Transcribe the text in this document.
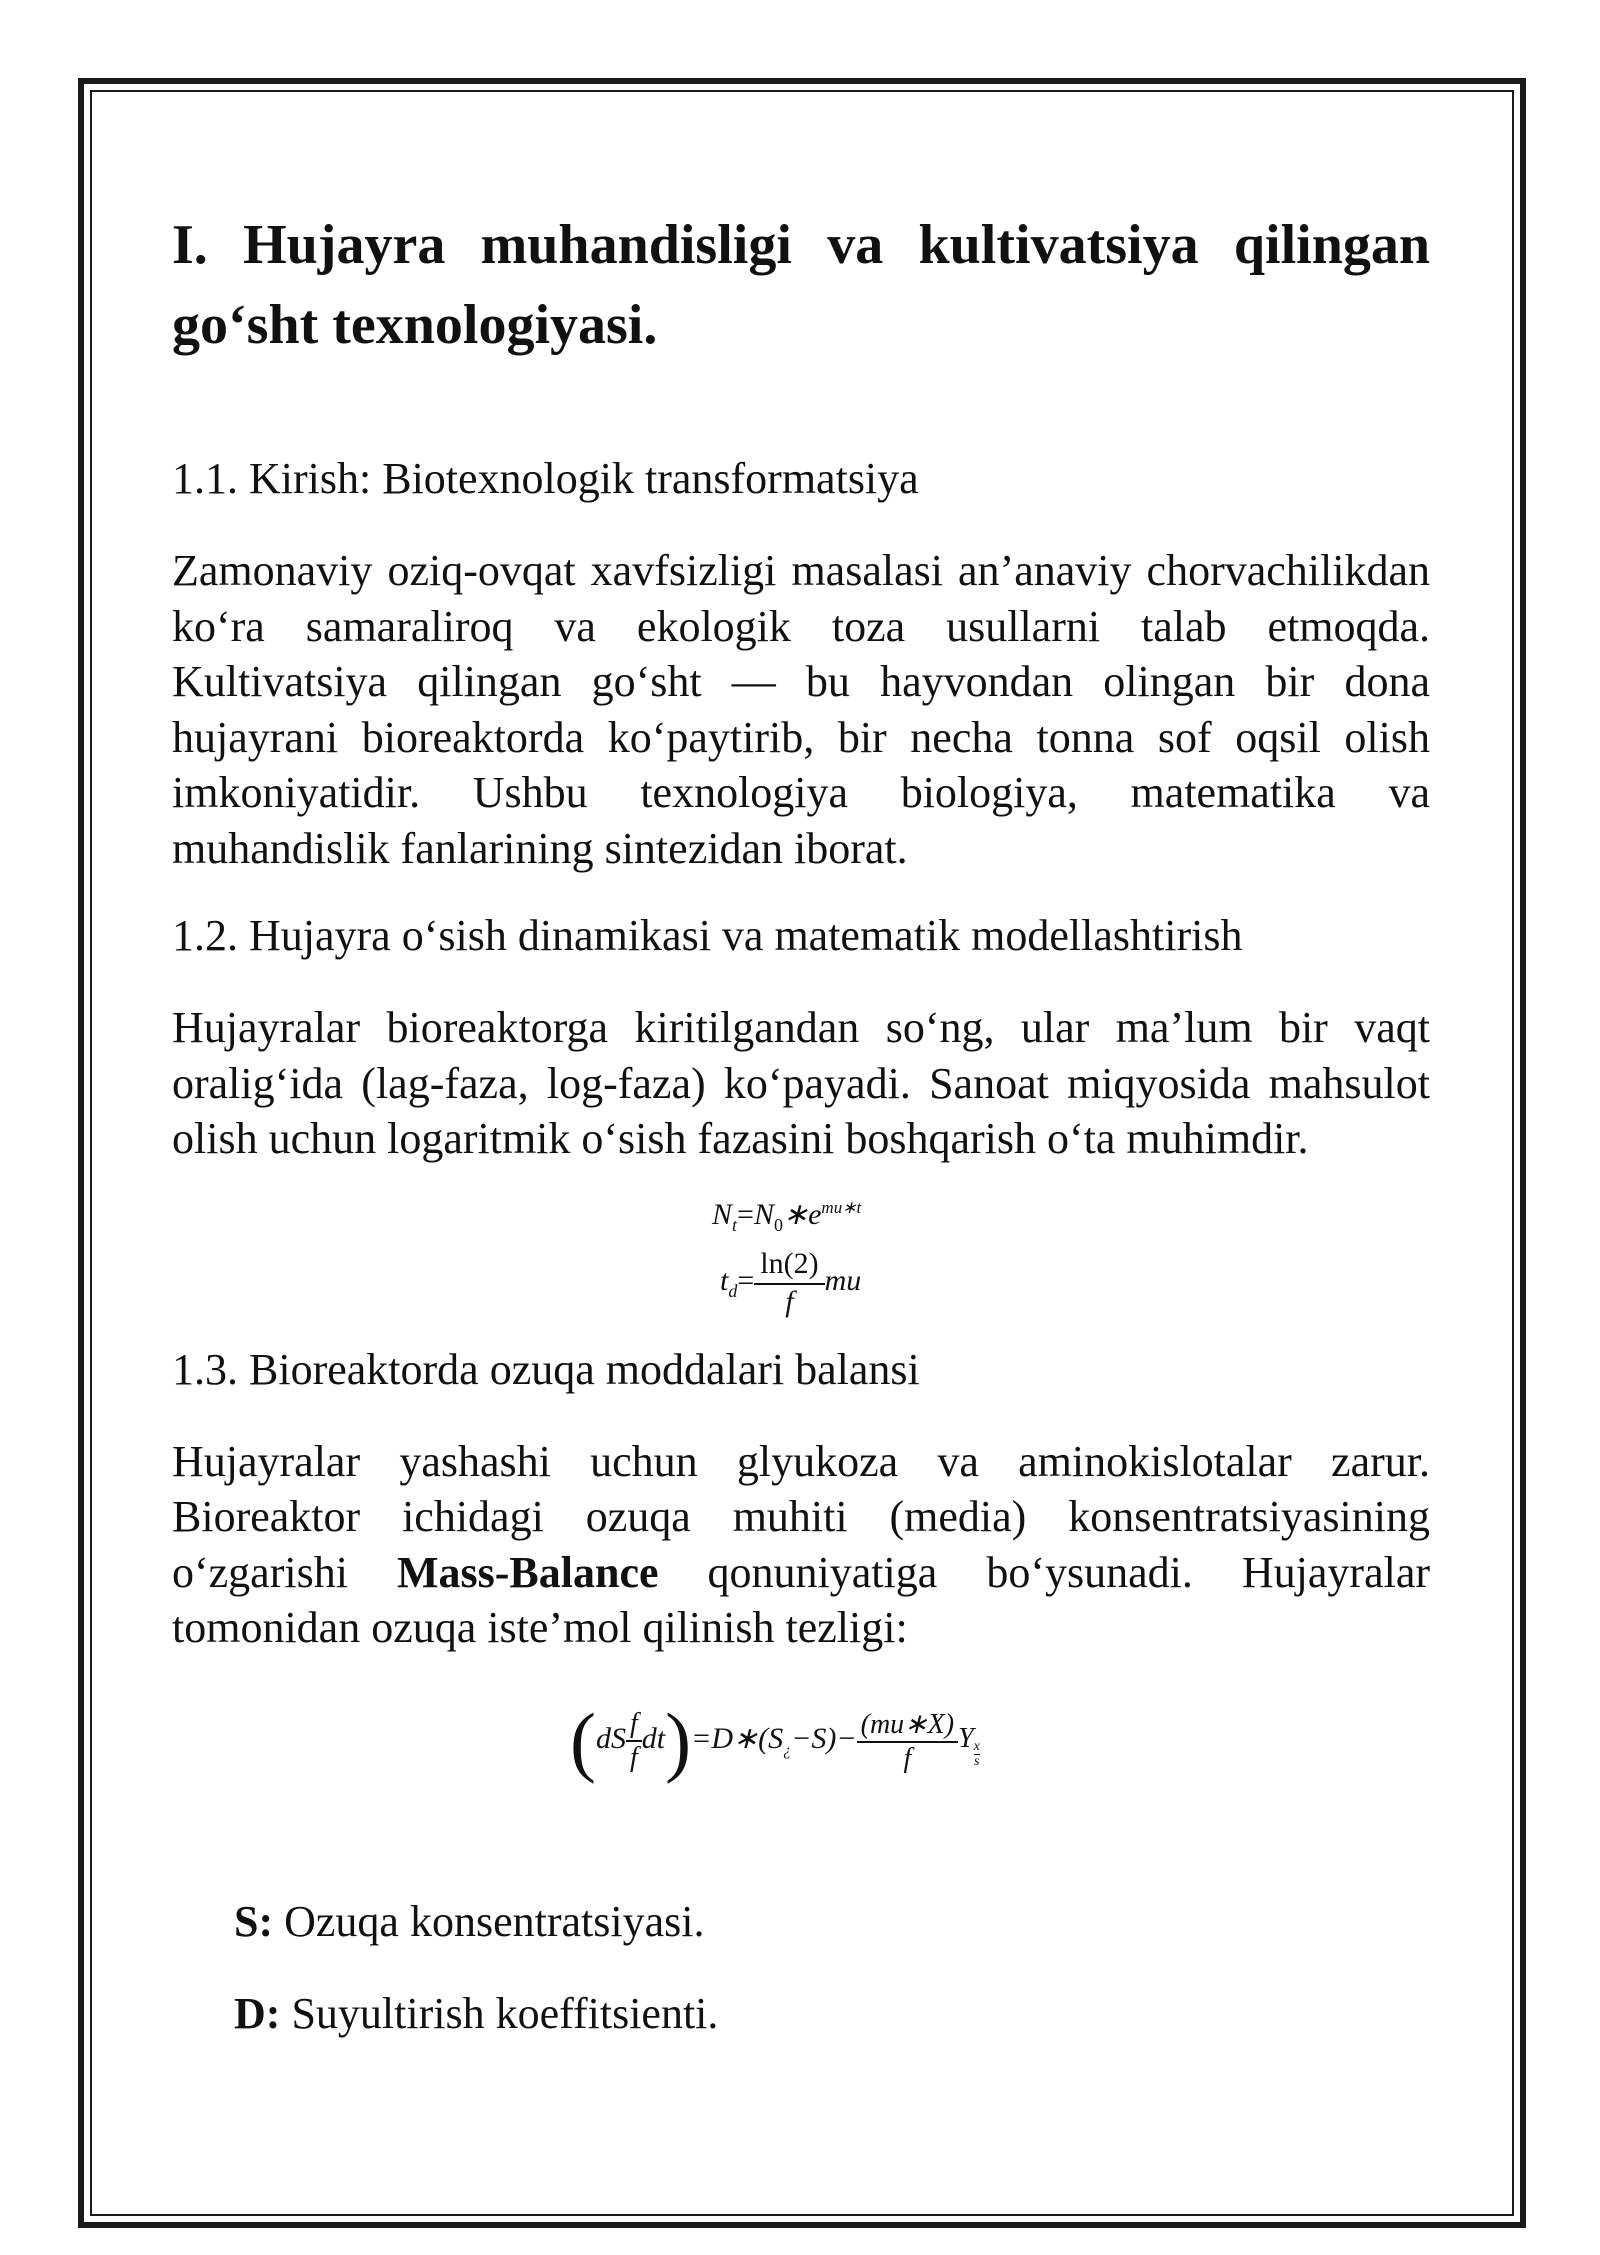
I. Hujayra muhandisligi va kultivatsiya qilingan go‘sht texnologiyasi.

1.1. Kirish: Biotexnologik transformatsiya

Zamonaviy oziq-ovqat xavfsizligi masalasi an’anaviy chorvachilikdan ko‘ra samaraliroq va ekologik toza usullarni talab etmoqda. Kultivatsiya qilingan go‘sht — bu hayvondan olingan bir dona hujayrani bioreaktorda ko‘paytirib, bir necha tonna sof oqsil olish imkoniyatidir. Ushbu texnologiya biologiya, matematika va muhandislik fanlarining sintezidan iborat.

1.2. Hujayra o‘sish dinamikasi va matematik modellashtirish

Hujayralar bioreaktorga kiritilgandan so‘ng, ular ma’lum bir vaqt oralig‘ida (lag-faza, log-faza) ko‘payadi. Sanoat miqyosida mahsulot olish uchun logaritmik o‘sish fazasini boshqarish o‘ta muhimdir.

$N_t=N_0∗e^{mu∗t}$
$t_d= \frac{\ln(2)}{f}$ mu

1.3. Bioreaktorda ozuqa moddalari balansi

Hujayralar yashashi uchun glyukoza va aminokislotalar zarur. Bioreaktor ichidagi ozuqa muhiti (media) konsentratsiyasining o‘zgarishi Mass-Balance qonuniyatiga bo‘ysunadi. Hujayralar tomonidan ozuqa iste’mol qilinish tezligi:

($dS \frac{f}{f}$ $dt)=D∗(S_¿-S)- \frac{(mu∗X)}{f}$ Y
$\frac{x}{s}$

S: Ozuqa konsentratsiyasi.

D: Suyultirish koeffitsienti.
